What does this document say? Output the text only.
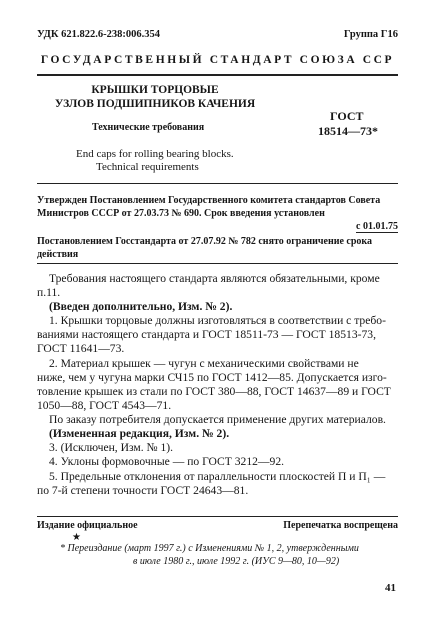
УДК 621.822.6-238:006.354	Группа Г16
ГОСУДАРСТВЕННЫЙ СТАНДАРТ СОЮЗА ССР
КРЫШКИ ТОРЦОВЫЕ
УЗЛОВ ПОДШИПНИКОВ КАЧЕНИЯ
Технические требования
ГОСТ
18514—73*
End caps for rolling bearing blocks.
Technical requirements
Утвержден Постановлением Государственного комитета стандартов Совета
Министров СССР от 27.03.73 № 690. Срок введения установлен
с 01.01.75
Постановлением Госстандарта от 27.07.92 № 782 снято ограничение срока
действия
Требования настоящего стандарта являются обязательными, кроме
п.11.
(Введен дополнительно, Изм. № 2).
1. Крышки торцовые должны изготовляться в соответствии с требо-
ваниями настоящего стандарта и ГОСТ 18511-73 — ГОСТ 18513-73,
ГОСТ 11641—73.
2. Материал крышек — чугун с механическими свойствами не
ниже, чем у чугуна марки СЧ15 по ГОСТ 1412—85. Допускается изго-
товление крышек из стали по ГОСТ 380—88, ГОСТ 14637—89 и ГОСТ
1050—88, ГОСТ 4543—71.
По заказу потребителя допускается применение других материалов.
(Измененная редакция, Изм. № 2).
3. (Исключен, Изм. № 1).
4. Уклоны формовочные — по ГОСТ 3212—92.
5. Предельные отклонения от параллельности плоскостей П и П₁ —
по 7-й степени точности ГОСТ 24643—81.
Издание официальное	Перепечатка воспрещена
★
* Переиздание (март 1997 г.) с Изменениями № 1, 2, утвержденными
в июле 1980 г., июле 1992 г. (ИУС 9—80, 10—92)
41
